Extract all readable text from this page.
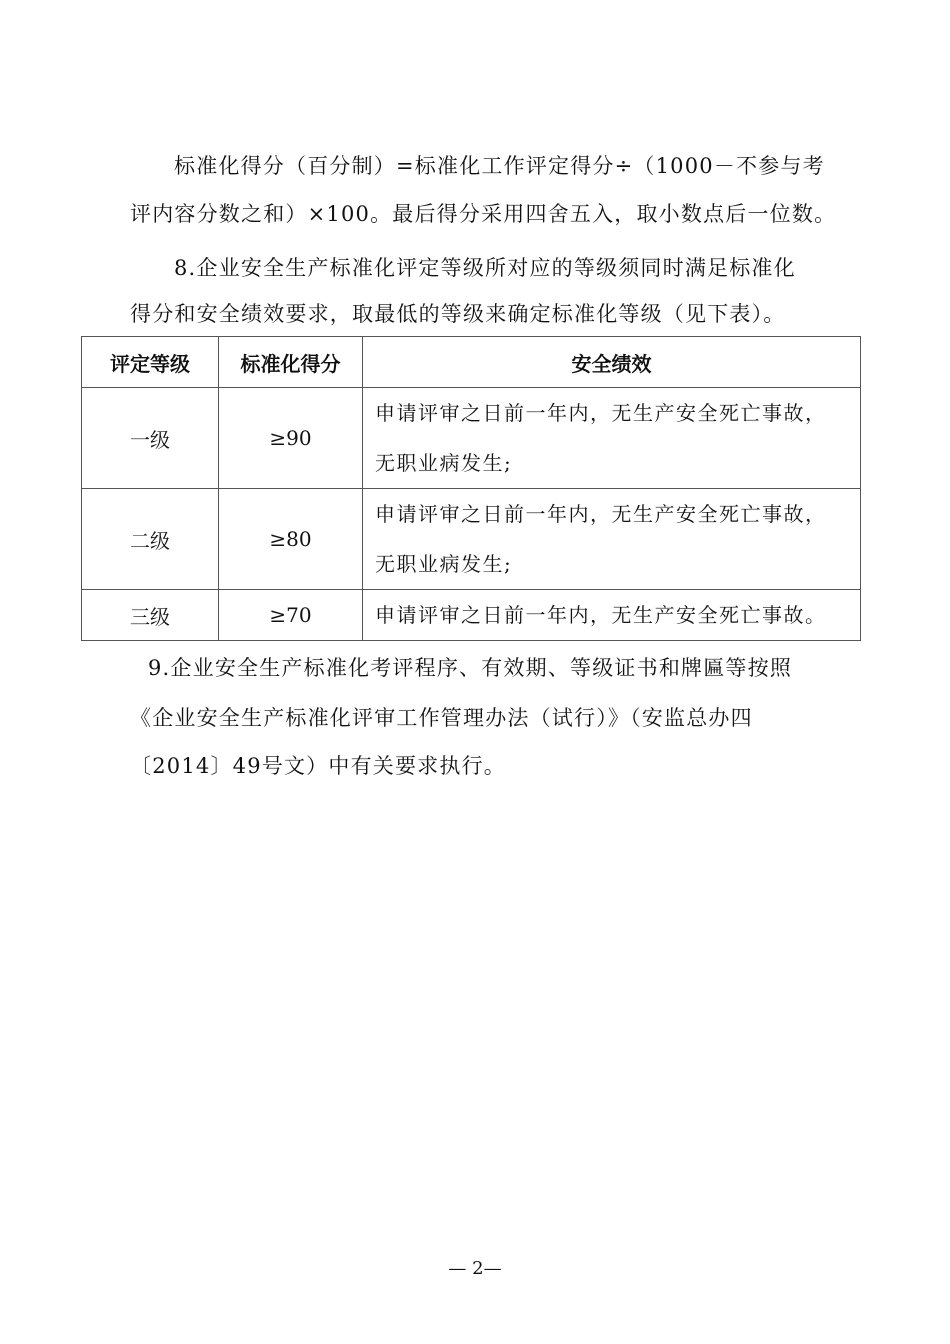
标准化得分（百分制）=标准化工作评定得分÷（1000－不参与考
评内容分数之和）×100。最后得分采用四舍五入，取小数点后一位数。
8.企业安全生产标准化评定等级所对应的等级须同时满足标准化
得分和安全绩效要求，取最低的等级来确定标准化等级（见下表）。
评定等级	标准化得分	安全绩效
一级	≥90	申请评审之日前一年内，无生产安全死亡事故，
无职业病发生;

二级	≥80	申请评审之日前一年内，无生产安全死亡事故，
无职业病发生;

三级	≥70	申请评审之日前一年内，无生产安全死亡事故。
9.企业安全生产标准化考评程序、有效期、等级证书和牌匾等按照
《企业安全生产标准化评审工作管理办法（试行）》（安监总办四
〔2014〕49号文）中有关要求执行。
— 2—
